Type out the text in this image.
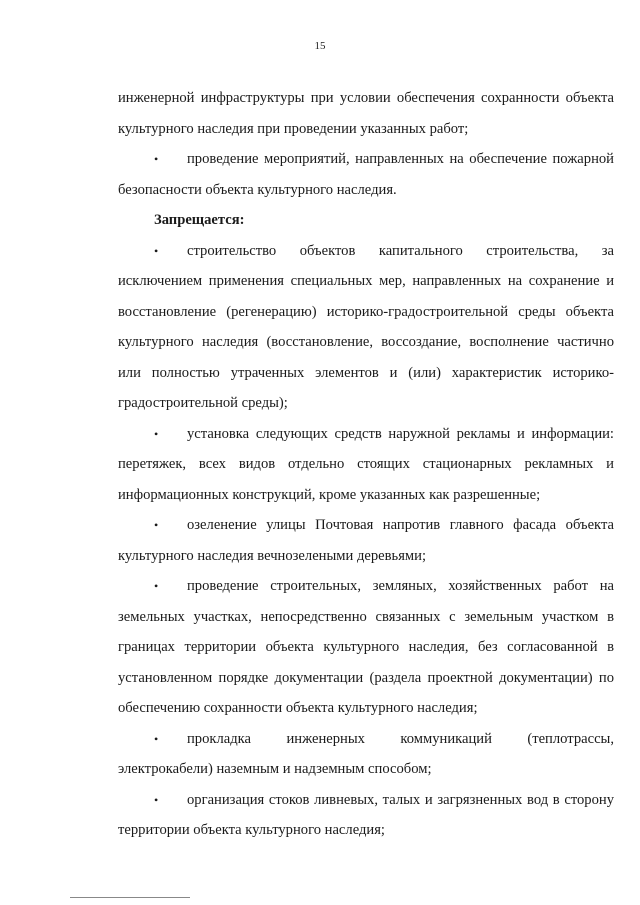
15

инженерной инфраструктуры при условии обеспечения сохранности объекта культурного наследия при проведении указанных работ;

• проведение мероприятий, направленных на обеспечение пожарной безопасности объекта культурного наследия.

Запрещается:

• строительство объектов капитального строительства, за исключением применения специальных мер, направленных на сохранение и восстановление (регенерацию) историко-градостроительной среды объекта культурного наследия (восстановление, воссоздание, восполнение частично или полностью утраченных элементов и (или) характеристик историко-градостроительной среды);

• установка следующих средств наружной рекламы и информации: перетяжек, всех видов отдельно стоящих стационарных рекламных и информационных конструкций, кроме указанных как разрешенные;

• озеленение улицы Почтовая напротив главного фасада объекта культурного наследия вечнозелеными деревьями;

• проведение строительных, земляных, хозяйственных работ на земельных участках, непосредственно связанных с земельным участком в границах территории объекта культурного наследия, без согласованной в установленном порядке документации (раздела проектной документации) по обеспечению сохранности объекта культурного наследия;

• прокладка инженерных коммуникаций (теплотрассы, электрокабели) наземным и надземным способом;

• организация стоков ливневых, талых и загрязненных вод в сторону территории объекта культурного наследия;
